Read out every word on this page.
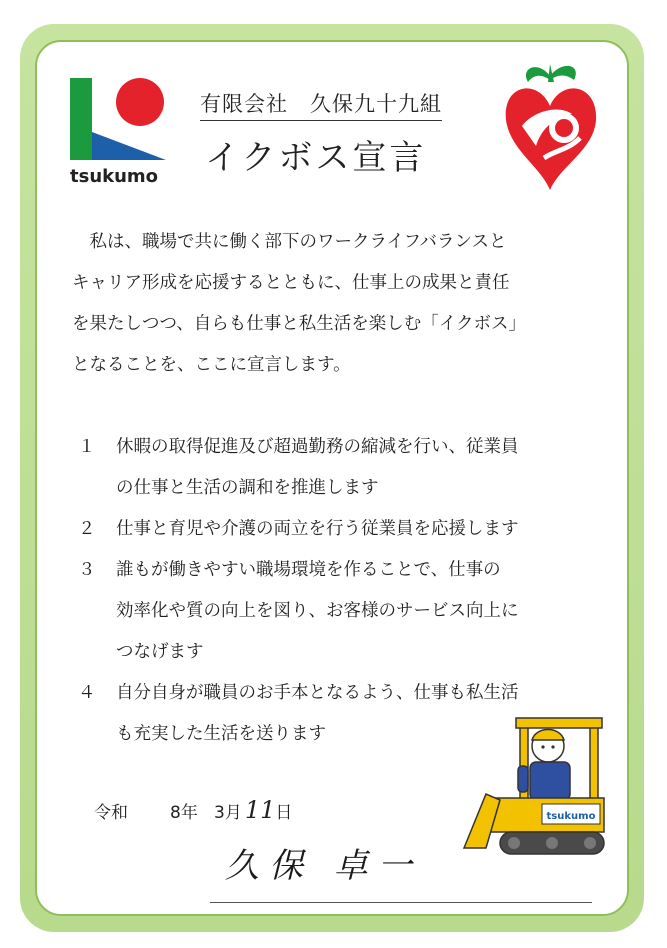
tsukumo
有限会社　久保九十九組
イクボス宣言

　私は、職場で共に働く部下のワークライフバランスと

キャリア形成を応援するとともに、仕事上の成果と責任

を果たしつつ、自らも仕事と私生活を楽しむ「イクボス」

となることを、ここに宣言します。

１	休暇の取得促進及び超過勤務の縮減を行い、従業員
の仕事と生活の調和を推進します
２	仕事と育児や介護の両立を行う従業員を応援します
３	誰もが働きやすい職場環境を作ることで、仕事の
効率化や質の向上を図り、お客様のサービス向上に
つなげます
４	自分自身が職員のお手本となるよう、仕事も私生活
も充実した生活を送ります
令和 8年 3月 11日	tsukumo
久保 卓一
